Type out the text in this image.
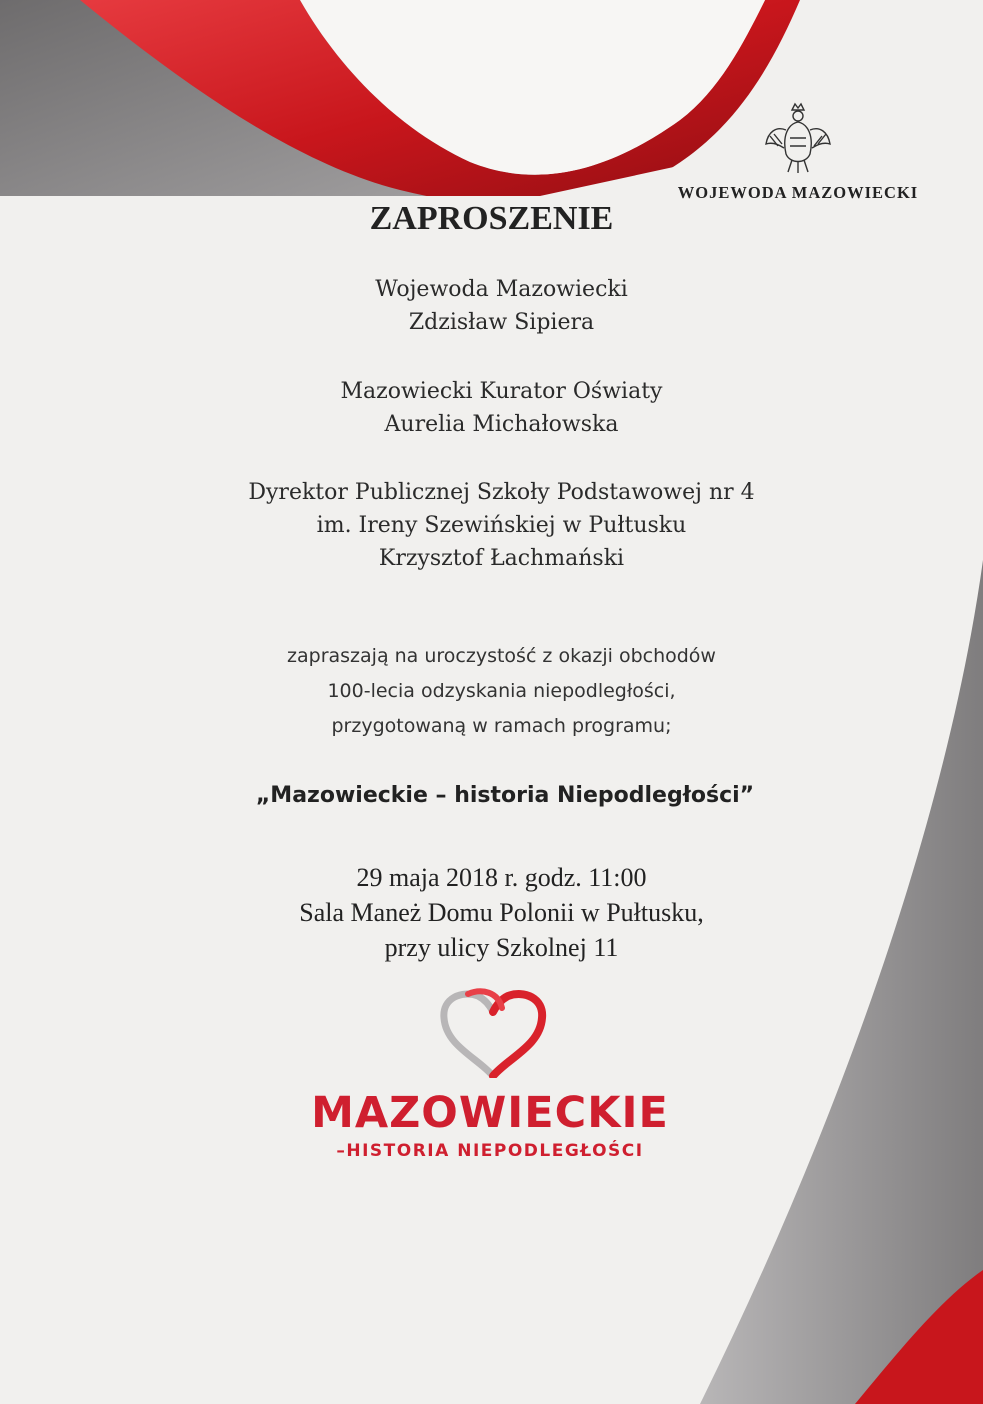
WOJEWODA MAZOWIECKI
ZAPROSZENIE
Wojewoda Mazowiecki
Zdzisław Sipiera
Mazowiecki Kurator Oświaty
Aurelia Michałowska
Dyrektor Publicznej Szkoły Podstawowej nr 4
im. Ireny Szewińskiej w Pułtusku
Krzysztof Łachmański
zapraszają na uroczystość z okazji obchodów
100-lecia odzyskania niepodległości,
przygotowaną w ramach programu;
„Mazowieckie – historia Niepodległości”
29 maja 2018 r. godz. 11:00
Sala Maneż Domu Polonii w Pułtusku,
przy ulicy Szkolnej 11
MAZOWIECKIE
–HISTORIA NIEPODLEGŁOŚCI
